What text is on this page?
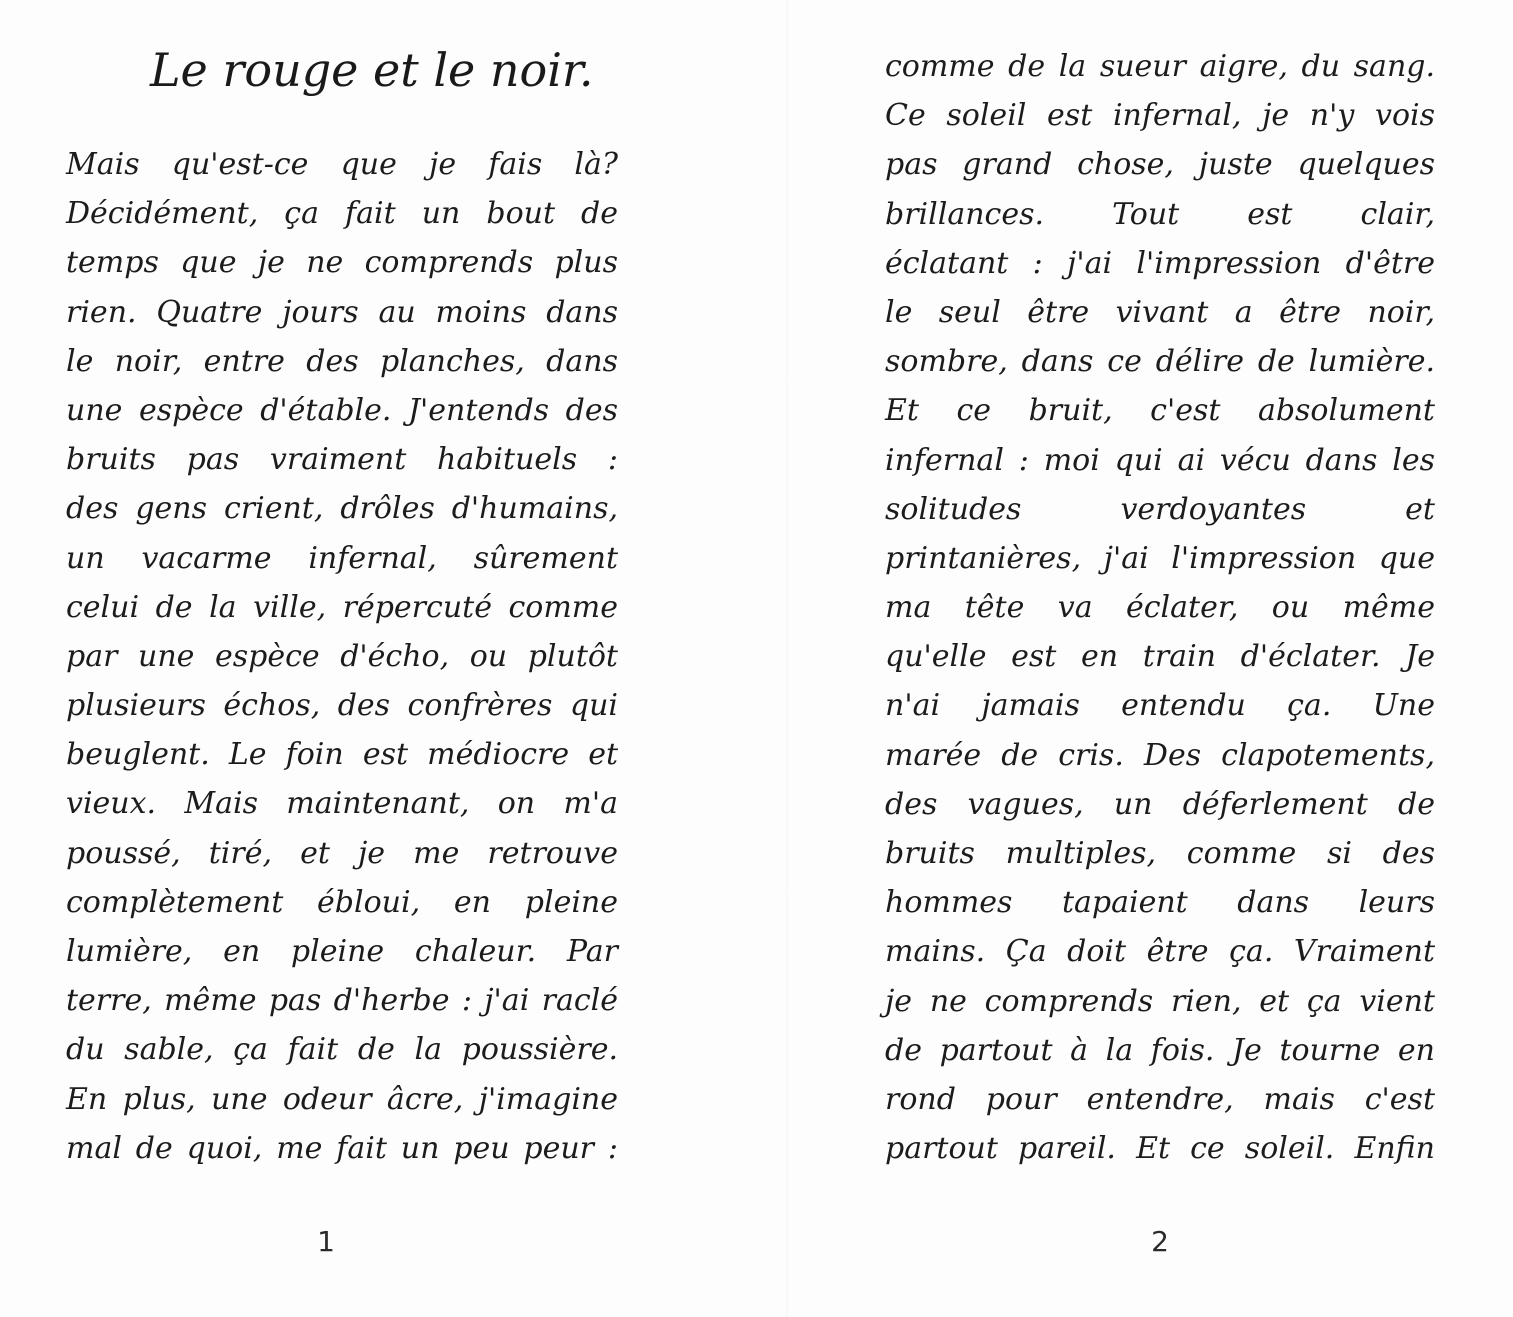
Le rouge et le noir.
Mais qu'est-ce que je fais là?
Décidément, ça fait un bout de
temps que je ne comprends plus
rien. Quatre jours au moins dans
le noir, entre des planches, dans
une espèce d'étable. J'entends des
bruits pas vraiment habituels :
des gens crient, drôles d'humains,
un vacarme infernal, sûrement
celui de la ville, répercuté comme
par une espèce d'écho, ou plutôt
plusieurs échos, des confrères qui
beuglent. Le foin est médiocre et
vieux. Mais maintenant, on m'a
poussé, tiré, et je me retrouve
complètement ébloui, en pleine
lumière, en pleine chaleur. Par
terre, même pas d'herbe : j'ai raclé
du sable, ça fait de la poussière.
En plus, une odeur âcre, j'imagine
mal de quoi, me fait un peu peur :
1
comme de la sueur aigre, du sang.
Ce soleil est infernal, je n'y vois
pas grand chose, juste quelques
brillances. Tout est clair,
éclatant : j'ai l'impression d'être
le seul être vivant a être noir,
sombre, dans ce délire de lumière.
Et ce bruit, c'est absolument
infernal : moi qui ai vécu dans les
solitudes verdoyantes et
printanières, j'ai l'impression que
ma tête va éclater, ou même
qu'elle est en train d'éclater. Je
n'ai jamais entendu ça. Une
marée de cris. Des clapotements,
des vagues, un déferlement de
bruits multiples, comme si des
hommes tapaient dans leurs
mains. Ça doit être ça. Vraiment
je ne comprends rien, et ça vient
de partout à la fois. Je tourne en
rond pour entendre, mais c'est
partout pareil. Et ce soleil. Enfin
2
